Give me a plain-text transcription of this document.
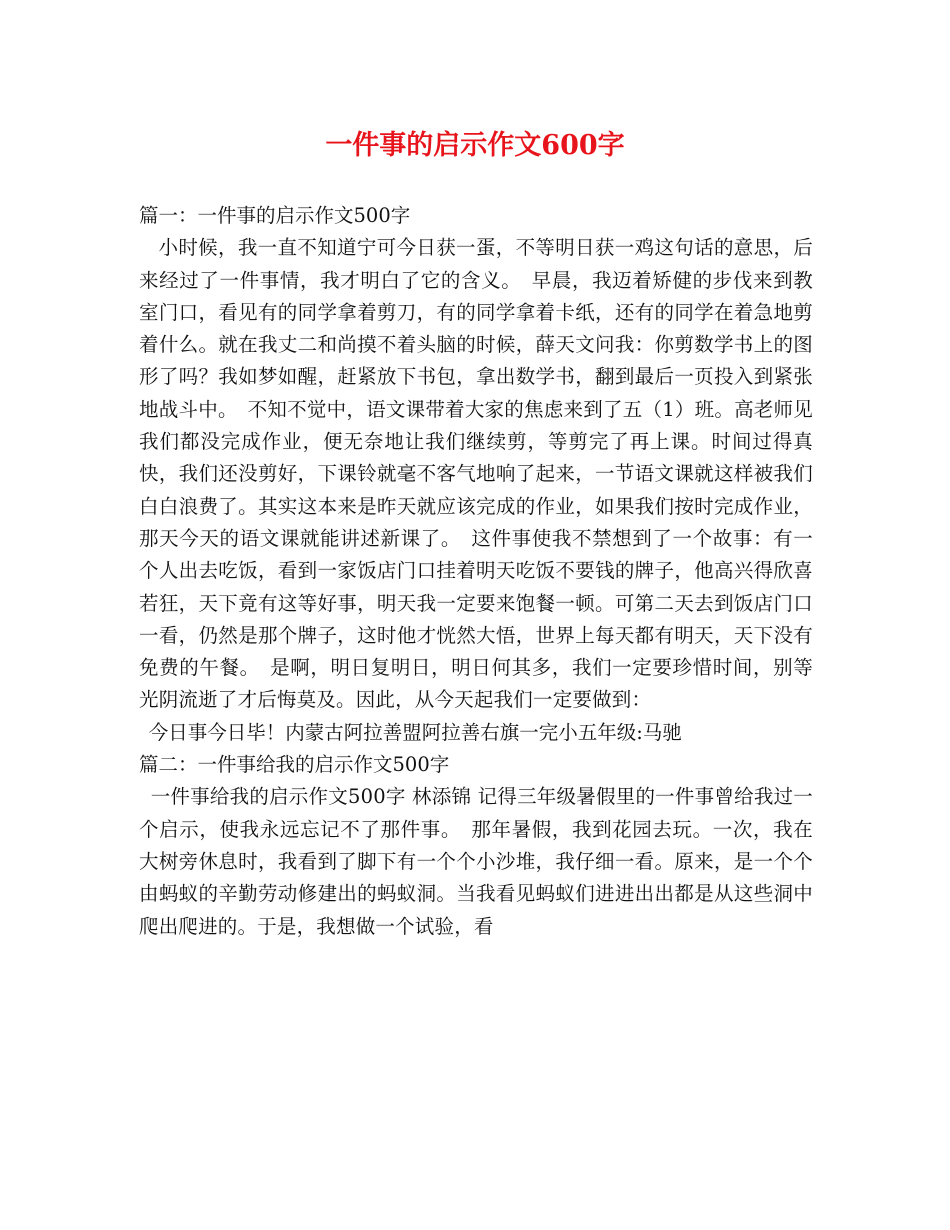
一件事的启示作文600字

篇一：一件事的启示作文500字

小时候，我一直不知道宁可今日获一蛋，不等明日获一鸡这句话的意思，后来经过了一件事情，我才明白了它的含义。　早晨，我迈着矫健的步伐来到教室门口，看见有的同学拿着剪刀，有的同学拿着卡纸，还有的同学在着急地剪着什么。就在我丈二和尚摸不着头脑的时候，薛天文问我：你剪数学书上的图形了吗？我如梦如醒，赶紧放下书包，拿出数学书，翻到最后一页投入到紧张地战斗中。　不知不觉中，语文课带着大家的焦虑来到了五（1）班。高老师见我们都没完成作业，便无奈地让我们继续剪，等剪完了再上课。时间过得真快，我们还没剪好，下课铃就毫不客气地响了起来，一节语文课就这样被我们白白浪费了。其实这本来是昨天就应该完成的作业，如果我们按时完成作业，那天今天的语文课就能讲述新课了。　这件事使我不禁想到了一个故事：有一个人出去吃饭，看到一家饭店门口挂着明天吃饭不要钱的牌子，他高兴得欣喜若狂，天下竟有这等好事，明天我一定要来饱餐一顿。可第二天去到饭店门口一看，仍然是那个牌子，这时他才恍然大悟，世界上每天都有明天，天下没有免费的午餐。　是啊，明日复明日，明日何其多，我们一定要珍惜时间，别等光阴流逝了才后悔莫及。因此，从今天起我们一定要做到：

今日事今日毕！内蒙古阿拉善盟阿拉善右旗一完小五年级:马驰

篇二：一件事给我的启示作文500字

一件事给我的启示作文500字 林添锦 记得三年级暑假里的一件事曾给我过一个启示，使我永远忘记不了那件事。　那年暑假，我到花园去玩。一次，我在大树旁休息时，我看到了脚下有一个个小沙堆，我仔细一看。原来，是一个个由蚂蚁的辛勤劳动修建出的蚂蚁洞。当我看见蚂蚁们进进出出都是从这些洞中爬出爬进的。于是，我想做一个试验，看
